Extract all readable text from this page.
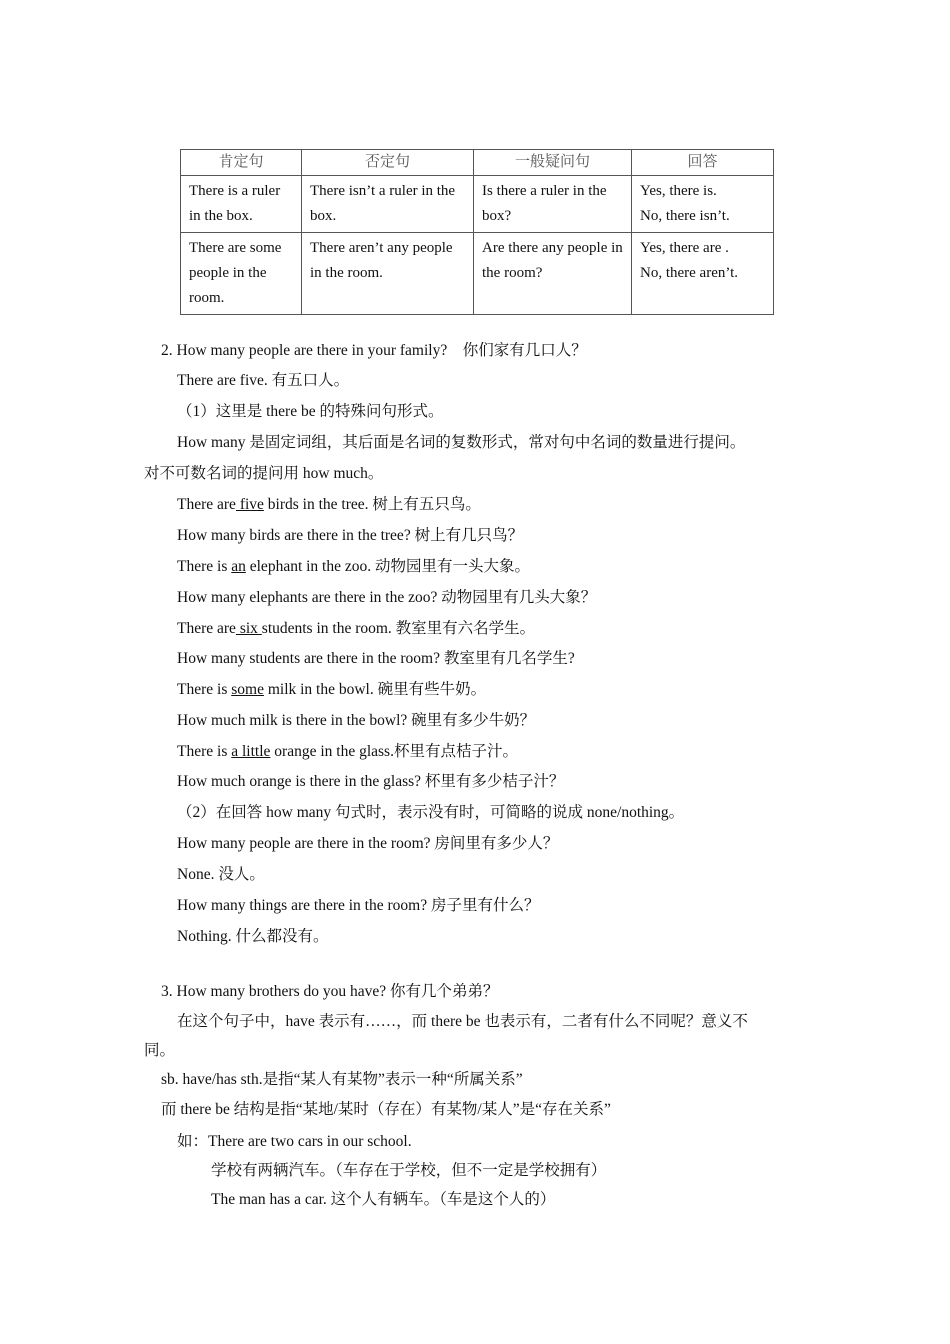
肯定句	否定句	一般疑问句	回答
There is a ruler in the box.	There isn’t a ruler in the box.	Is there a ruler in the box?	Yes, there is.
No, there isn’t.
There are some people in the room.	There aren’t any people in the room.	Are there any people in the room?	Yes, there are .
No, there aren’t.
2. How many people are there in your family?　你们家有几口人？
There are five. 有五口人。
（1）这里是 there be 的特殊问句形式。
How many 是固定词组，其后面是名词的复数形式，常对句中名词的数量进行提问。
对不可数名词的提问用 how much。
There are five birds in the tree. 树上有五只鸟。
How many birds are there in the tree? 树上有几只鸟？
There is an elephant in the zoo. 动物园里有一头大象。
How many elephants are there in the zoo? 动物园里有几头大象？
There are six students in the room. 教室里有六名学生。
How many students are there in the room? 教室里有几名学生?
There is some milk in the bowl. 碗里有些牛奶。
How much milk is there in the bowl? 碗里有多少牛奶？
There is a little orange in the glass.杯里有点桔子汁。
How much orange is there in the glass? 杯里有多少桔子汁？
（2）在回答 how many 句式时，表示没有时，可简略的说成 none/nothing。
How many people are there in the room? 房间里有多少人？
None. 没人。
How many things are there in the room? 房子里有什么？
Nothing. 什么都没有。
3. How many brothers do you have? 你有几个弟弟？
在这个句子中，have 表示有……，而 there be 也表示有，二者有什么不同呢？意义不
同。
sb. have/has sth.是指“某人有某物”表示一种“所属关系”
而 there be 结构是指“某地/某时（存在）有某物/某人”是“存在关系”
如：There are two cars in our school.
学校有两辆汽车。（车存在于学校，但不一定是学校拥有）
The man has a car. 这个人有辆车。（车是这个人的）
